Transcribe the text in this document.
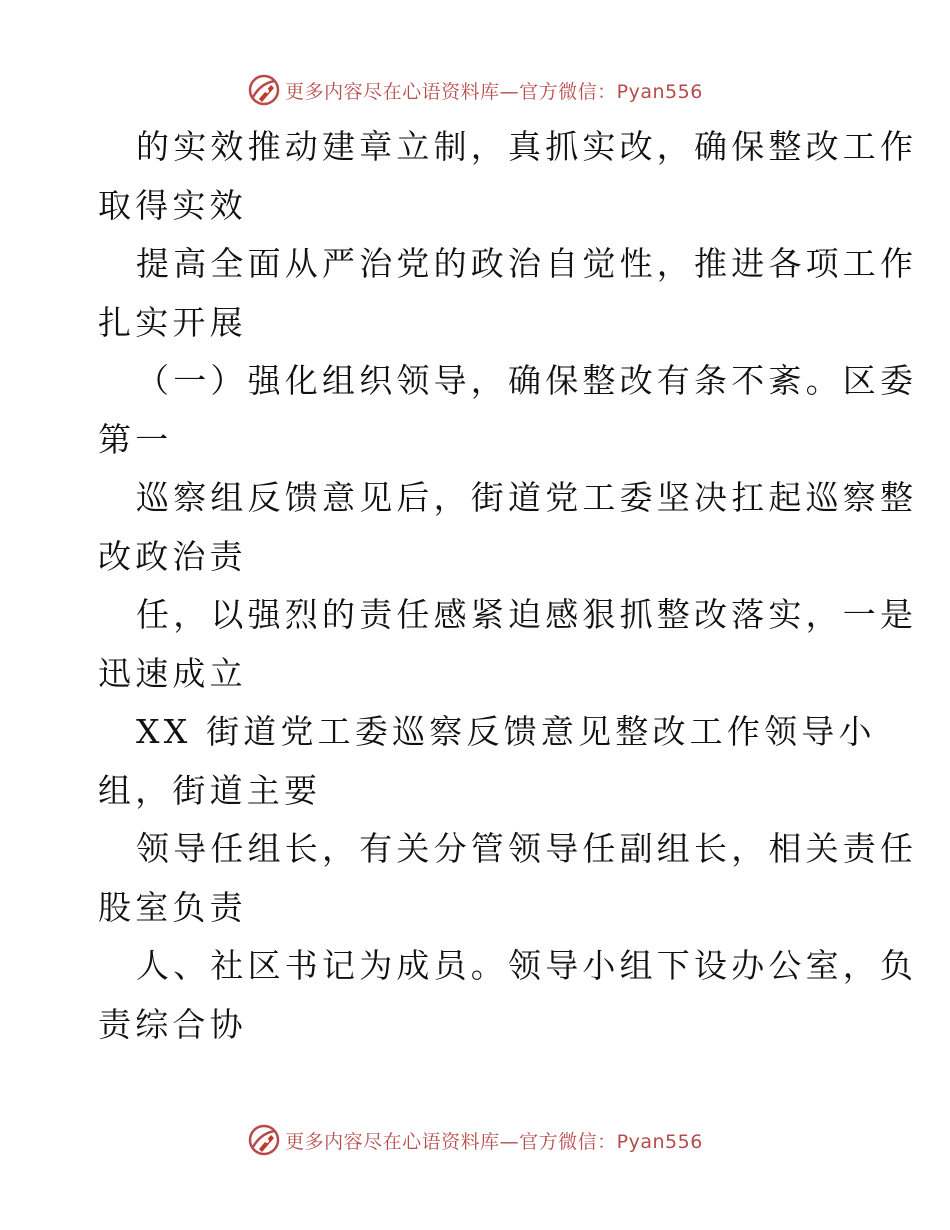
更多内容尽在心语资料库—官方微信：Pyan556

的实效推动建章立制，真抓实改，确保整改工作
取得实效

提高全面从严治党的政治自觉性，推进各项工作
扎实开展

（一）强化组织领导，确保整改有条不紊。区委
第一

巡察组反馈意见后，街道党工委坚决扛起巡察整
改政治责

任，以强烈的责任感紧迫感狠抓整改落实，一是
迅速成立

XX 街道党工委巡察反馈意见整改工作领导小
组，街道主要

领导任组长，有关分管领导任副组长，相关责任
股室负责

人、社区书记为成员。领导小组下设办公室，负
责综合协

更多内容尽在心语资料库—官方微信：Pyan556
